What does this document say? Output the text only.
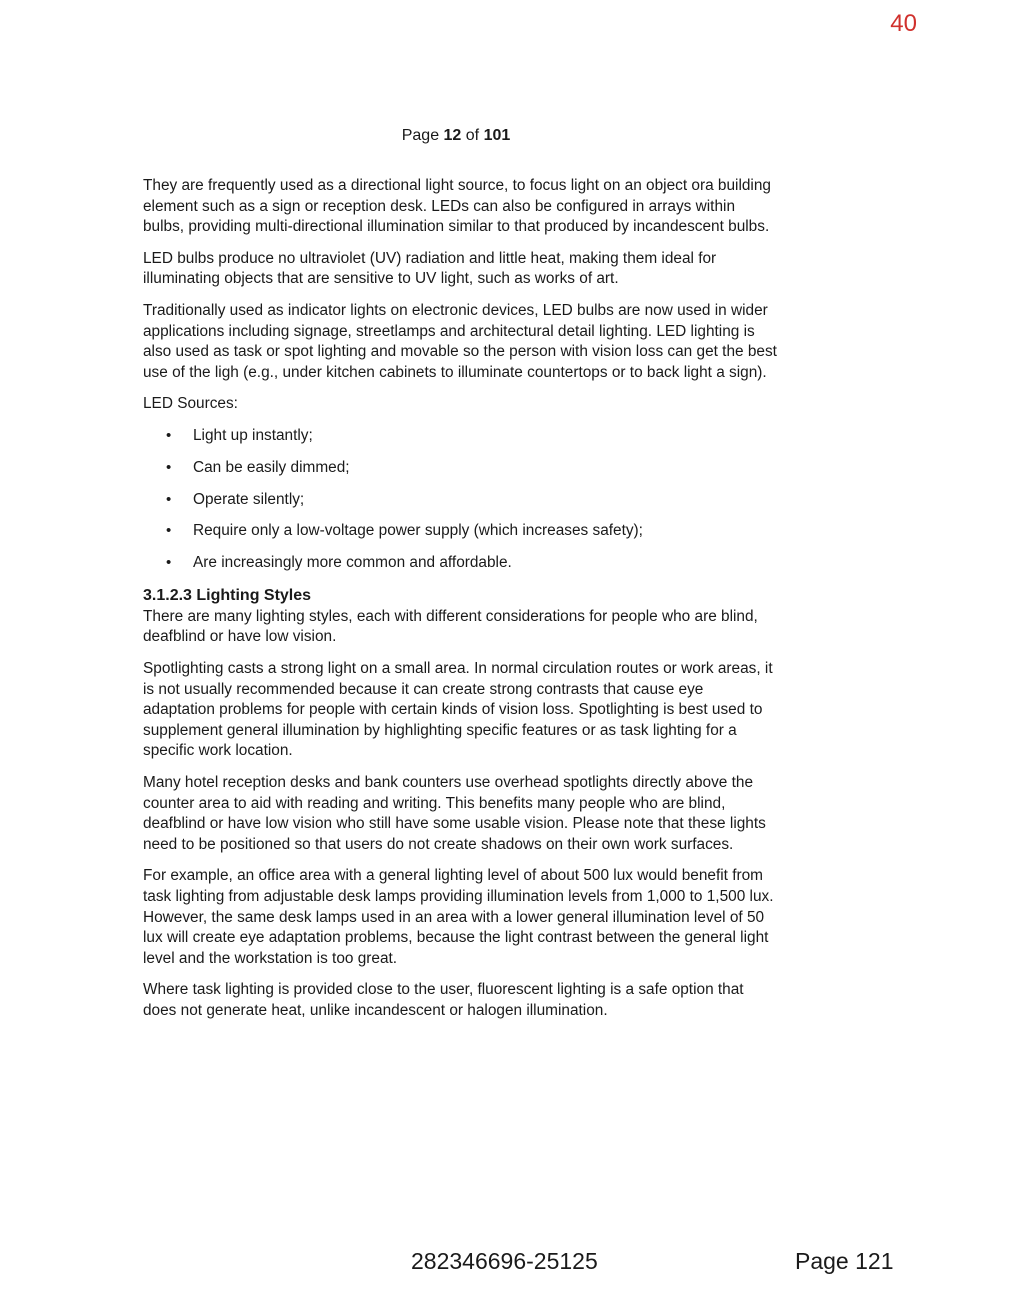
40
Page 12 of 101

They are frequently used as a directional light source, to focus light on an object ora building element such as a sign or reception desk. LEDs can also be configured in arrays within bulbs, providing multi-directional illumination similar to that produced by incandescent bulbs.

LED bulbs produce no ultraviolet (UV) radiation and little heat, making them ideal for illuminating objects that are sensitive to UV light, such as works of art.

Traditionally used as indicator lights on electronic devices, LED bulbs are now used in wider applications including signage, streetlamps and architectural detail lighting. LED lighting is also used as task or spot lighting and movable so the person with vision loss can get the best use of the ligh (e.g., under kitchen cabinets to illuminate countertops or to back light a sign).

LED Sources:

• Light up instantly;
• Can be easily dimmed;
• Operate silently;
• Require only a low-voltage power supply (which increases safety);
• Are increasingly more common and affordable.
3.1.2.3 Lighting Styles

There are many lighting styles, each with different considerations for people who are blind, deafblind or have low vision.

Spotlighting casts a strong light on a small area. In normal circulation routes or work areas, it is not usually recommended because it can create strong contrasts that cause eye adaptation problems for people with certain kinds of vision loss. Spotlighting is best used to supplement general illumination by highlighting specific features or as task lighting for a specific work location.

Many hotel reception desks and bank counters use overhead spotlights directly above the counter area to aid with reading and writing. This benefits many people who are blind, deafblind or have low vision who still have some usable vision. Please note that these lights need to be positioned so that users do not create shadows on their own work surfaces.

For example, an office area with a general lighting level of about 500 lux would benefit from task lighting from adjustable desk lamps providing illumination levels from 1,000 to 1,500 lux. However, the same desk lamps used in an area with a lower general illumination level of 50 lux will create eye adaptation problems, because the light contrast between the general light level and the workstation is too great.

Where task lighting is provided close to the user, fluorescent lighting is a safe option that does not generate heat, unlike incandescent or halogen illumination.

282346696-25125	Page 121
